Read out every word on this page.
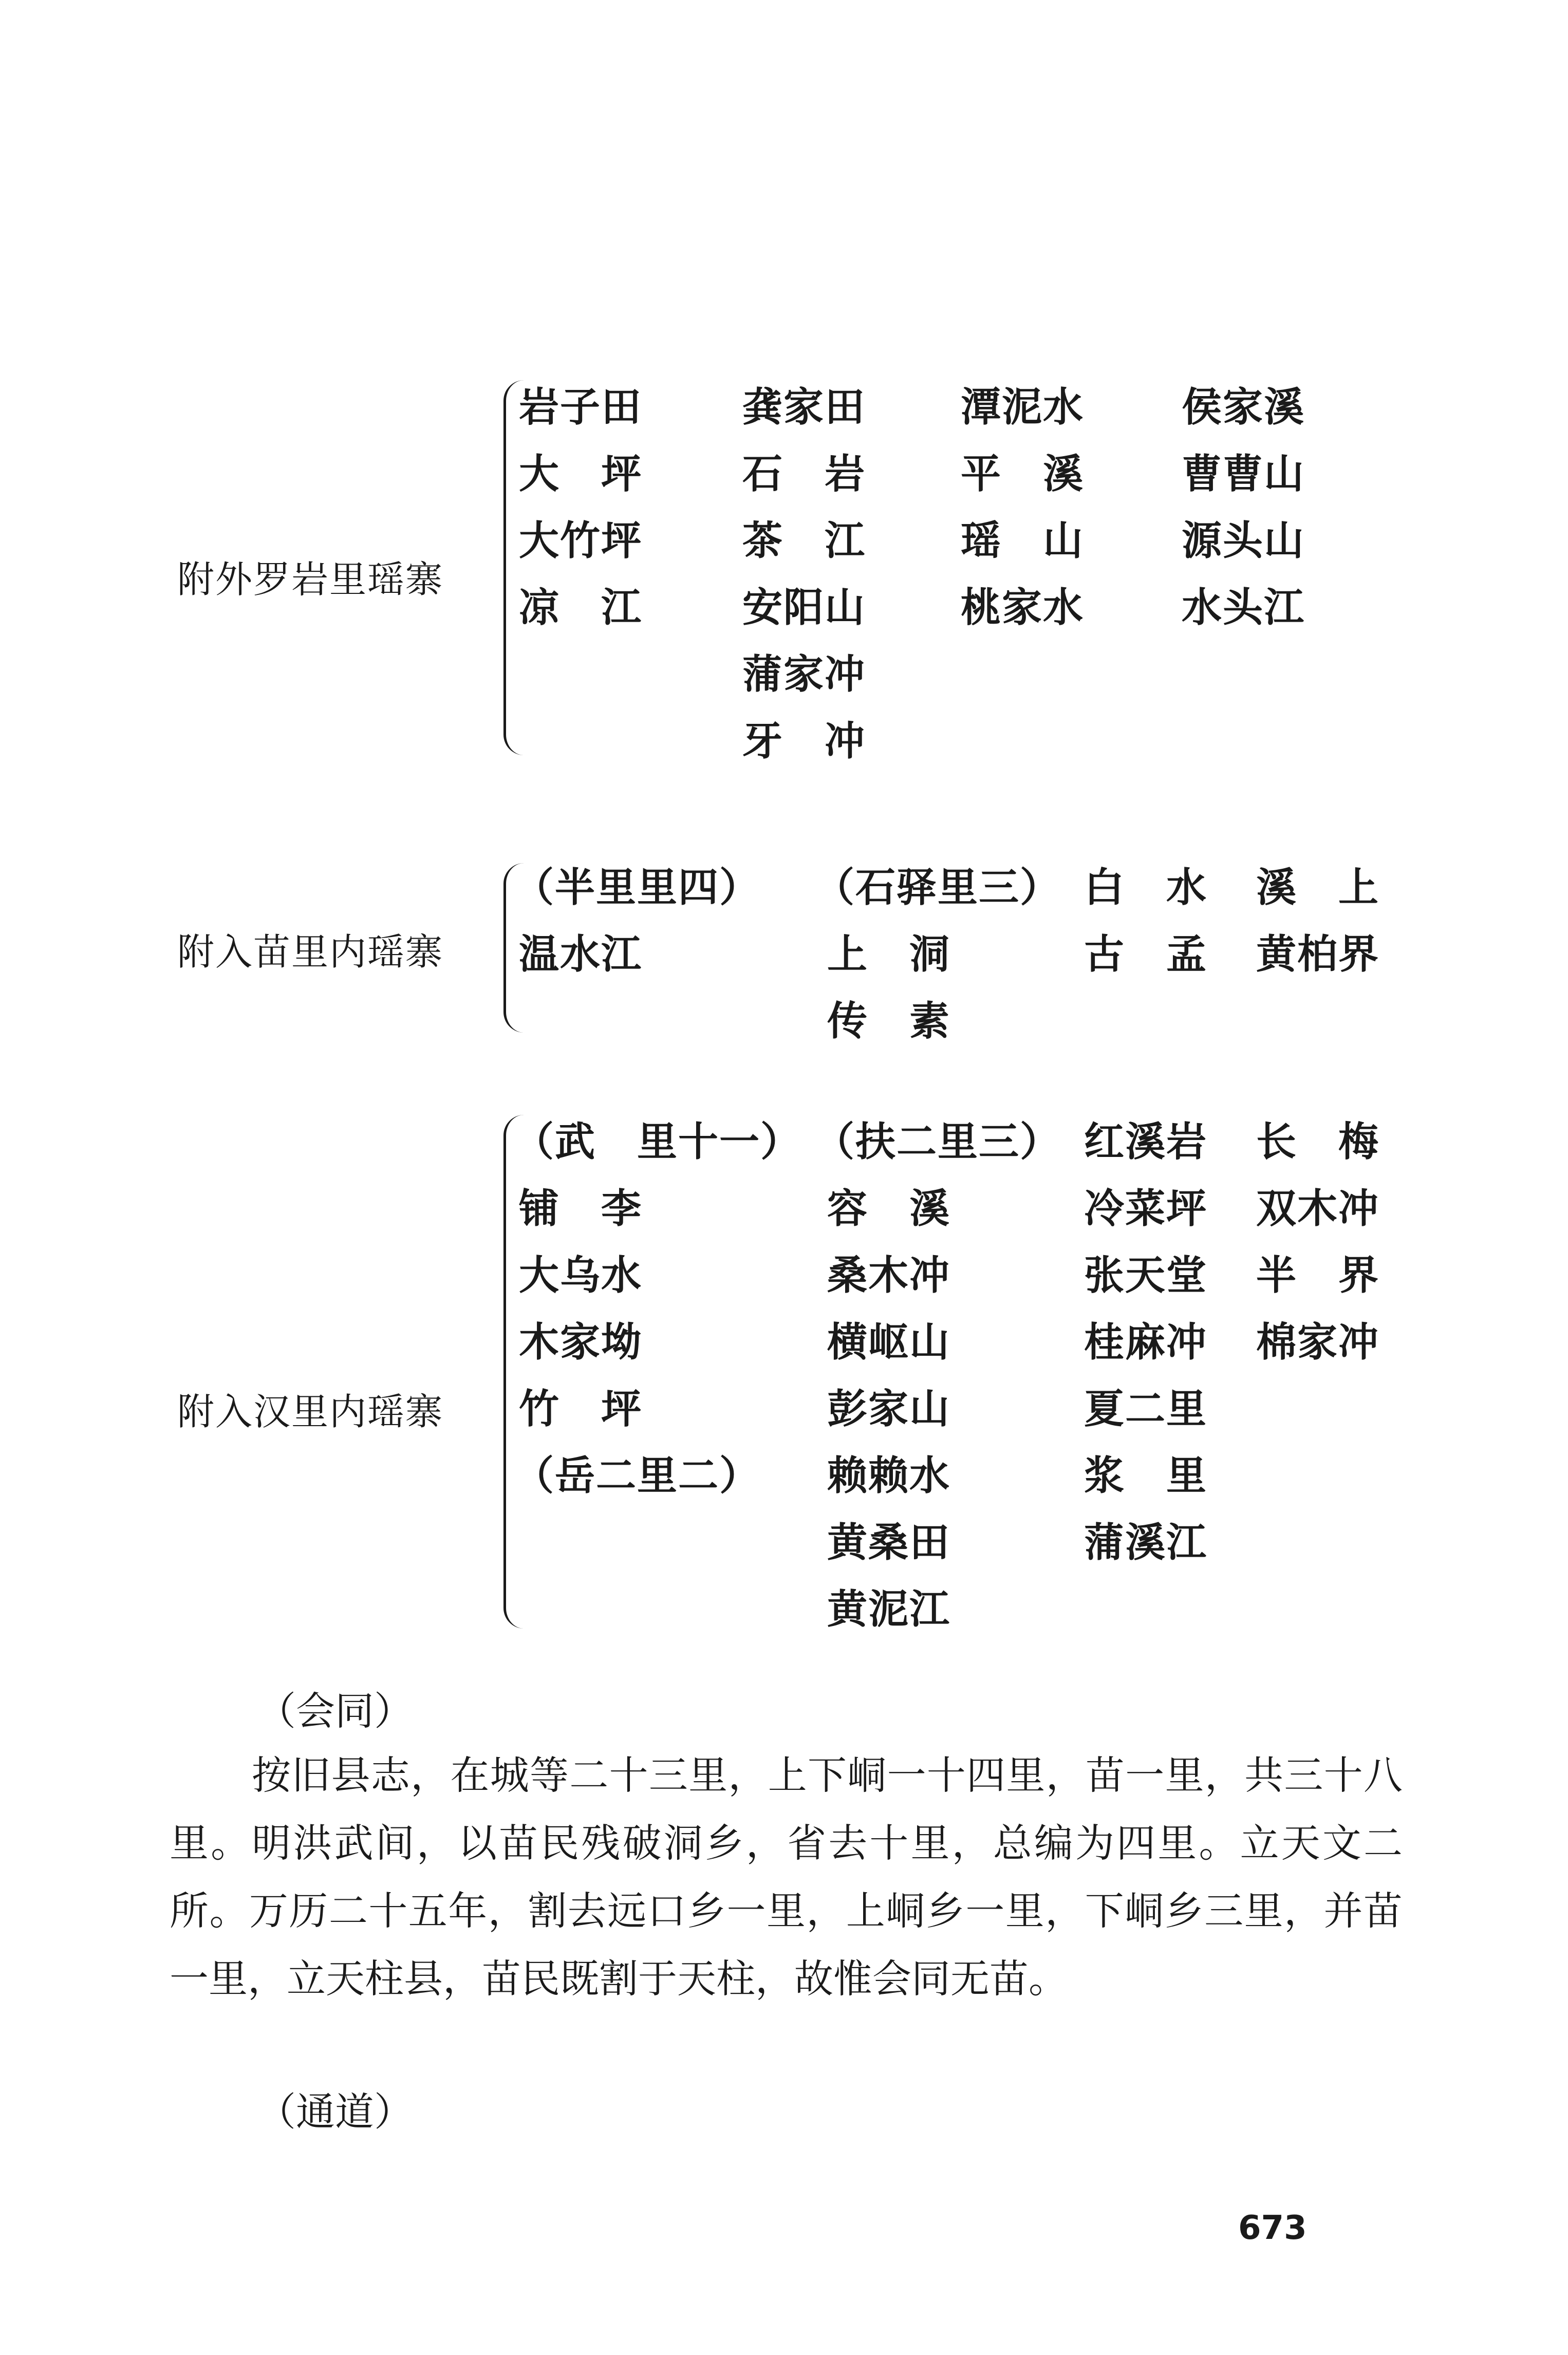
附外罗岩里瑶寨
岩子田
大　坪
大竹坪
凉　江
龚家田
石　岩
茶　江
安阳山
蒲家冲
牙　冲
潭泥水
平　溪
瑶　山
桃家水
侯家溪
曹曹山
源头山
水头江
附入苗里内瑶寨
（半里里四）
温水江
（石驿里三）
上　洞
传　素
白　水
古　孟
溪　上
黄柏界
附入汉里内瑶寨
（武　里十一）
铺　李
大乌水
木家坳
竹　坪
（岳二里二）
（扶二里三）
容　溪
桑木冲
横岖山
彭家山
赖赖水
黄桑田
黄泥江
红溪岩
冷菜坪
张天堂
桂麻冲
夏二里
浆　里
蒲溪江
长　梅
双木冲
半　界
棉家冲
（会同）
按旧县志，在城等二十三里，上下峒一十四里，苗一里，共三十八里。明洪武间，以苗民残破洞乡，省去十里，总编为四里。立天文二所。万历二十五年，割去远口乡一里，上峒乡一里，下峒乡三里，并苗一里，立天柱县，苗民既割于天柱，故惟会同无苗。
（通道）
673
